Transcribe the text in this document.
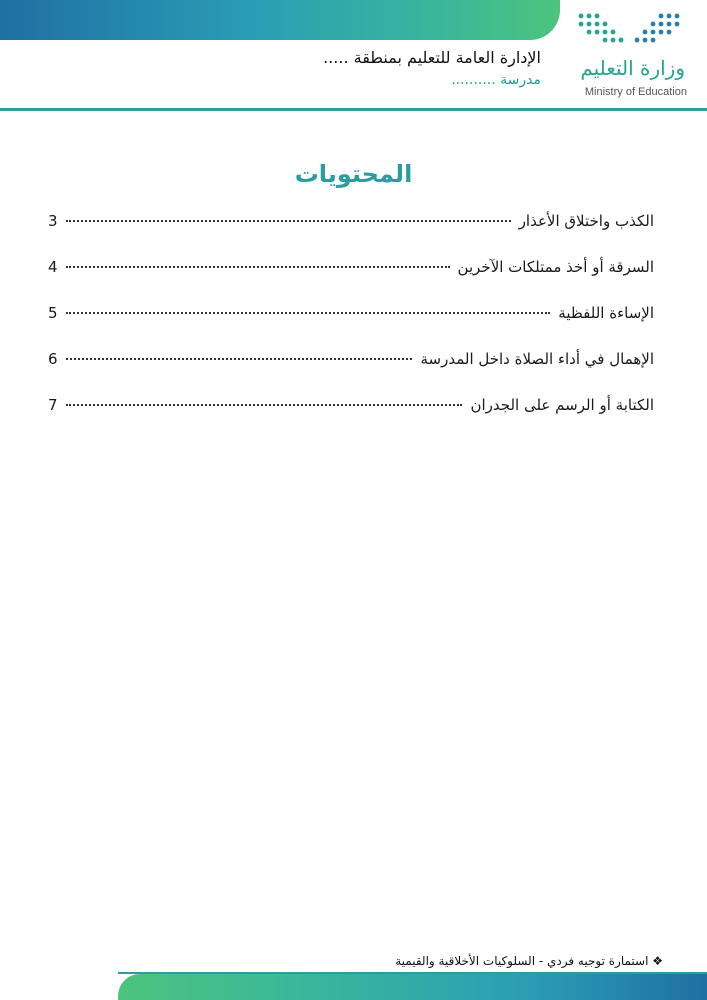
وزارة التعليم
Ministry of Education
الإدارة العامة للتعليم بمنطقة .....
مدرسة ..........
المحتويات
الكذب واختلاق الأعذار
3
السرقة أو أخذ ممتلكات الآخرين
4
الإساءة اللفظية
5
الإهمال في أداء الصلاة داخل المدرسة
6
الكتابة أو الرسم على الجدران
7
❖ استمارة توجيه فردي - السلوكيات الأخلاقية والقيمية
